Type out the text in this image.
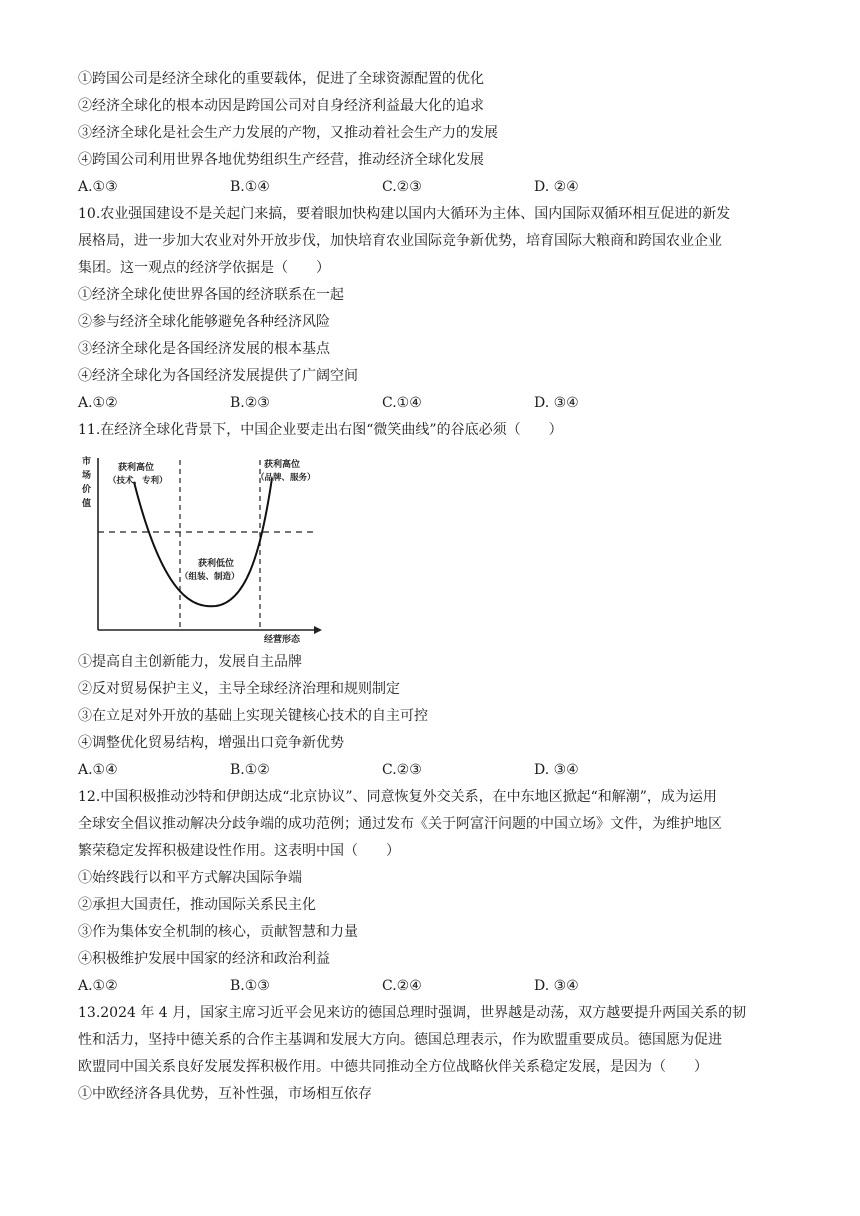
①跨国公司是经济全球化的重要载体，促进了全球资源配置的优化
②经济全球化的根本动因是跨国公司对自身经济利益最大化的追求
③经济全球化是社会生产力发展的产物，又推动着社会生产力的发展
④跨国公司利用世界各地优势组织生产经营，推动经济全球化发展
A.①③	B.①④	C.②③	D. ②④
10.农业强国建设不是关起门来搞，要着眼加快构建以国内大循环为主体、国内国际双循环相互促进的新发
展格局，进一步加大农业对外开放步伐，加快培育农业国际竞争新优势，培育国际大粮商和跨国农业企业
集团。这一观点的经济学依据是（　　）
①经济全球化使世界各国的经济联系在一起
②参与经济全球化能够避免各种经济风险
③经济全球化是各国经济发展的根本基点
④经济全球化为各国经济发展提供了广阔空间
A.①②	B.②③	C.①④	D. ③④
11.在经济全球化背景下，中国企业要走出右图“微笑曲线”的谷底必须（　　）
市
场
价
值
经营形态
获利高位
（技术、专利）
获利高位
（品牌、服务）
获利低位
（组装、制造）
①提高自主创新能力，发展自主品牌
②反对贸易保护主义，主导全球经济治理和规则制定
③在立足对外开放的基础上实现关键核心技术的自主可控
④调整优化贸易结构，增强出口竞争新优势
A.①④	B.①②	C.②③	D. ③④
12.中国积极推动沙特和伊朗达成“北京协议”、同意恢复外交关系，在中东地区掀起“和解潮”，成为运用
全球安全倡议推动解决分歧争端的成功范例；通过发布《关于阿富汗问题的中国立场》文件，为维护地区
繁荣稳定发挥积极建设性作用。这表明中国（　　）
①始终践行以和平方式解决国际争端
②承担大国责任，推动国际关系民主化
③作为集体安全机制的核心，贡献智慧和力量
④积极维护发展中国家的经济和政治利益
A.①②	B.①③	C.②④	D. ③④
13.2024 年 4 月，国家主席习近平会见来访的德国总理时强调，世界越是动荡，双方越要提升两国关系的韧
性和活力，坚持中德关系的合作主基调和发展大方向。德国总理表示，作为欧盟重要成员。德国愿为促进
欧盟同中国关系良好发展发挥积极作用。中德共同推动全方位战略伙伴关系稳定发展，是因为（　　）
①中欧经济各具优势，互补性强，市场相互依存
